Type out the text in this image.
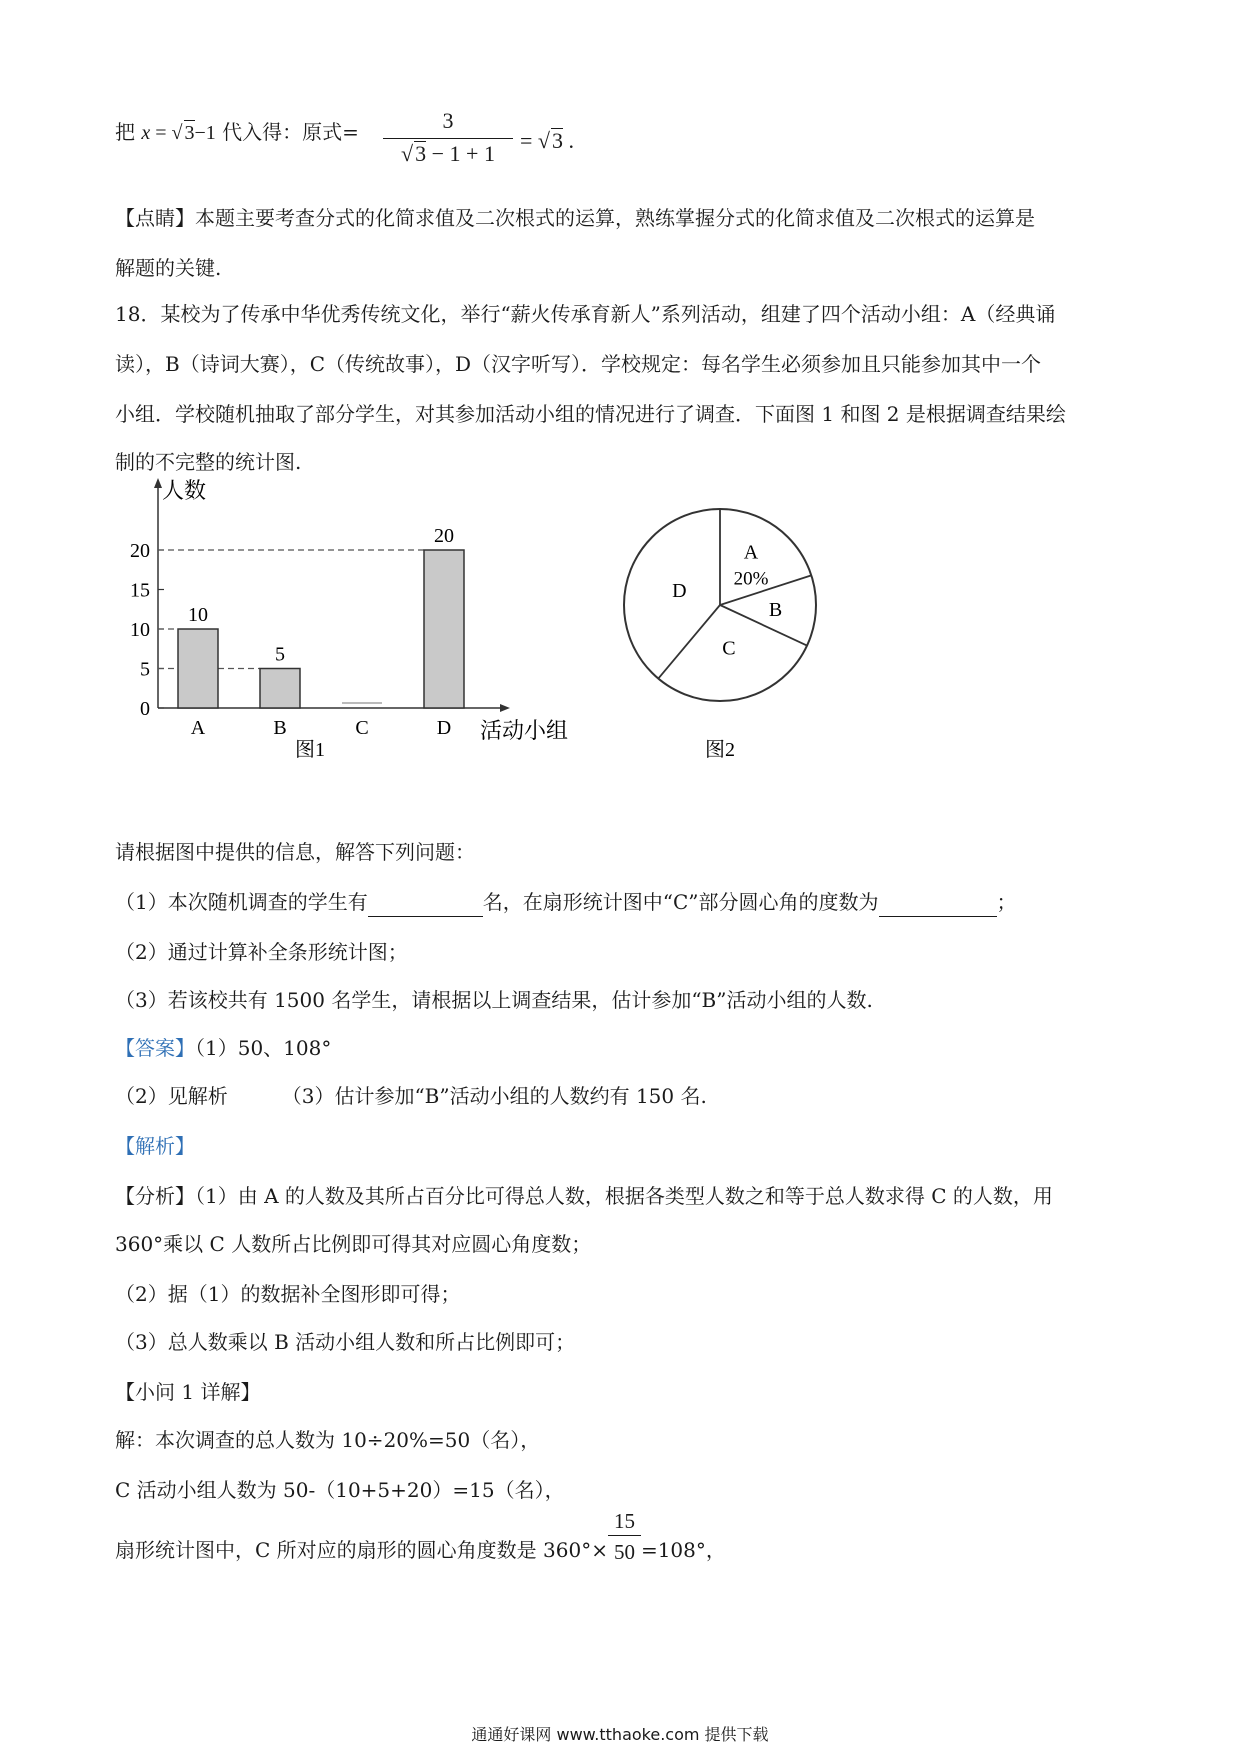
把 x = √ 3−1 代入得：原式=	$\frac{3}{√3 - 1 + 1} = √3$ .
【点睛】本题主要考查分式的化简求值及二次根式的运算，熟练掌握分式的化简求值及二次根式的运算是
解题的关键.
18．某校为了传承中华优秀传统文化，举行“薪火传承育新人”系列活动，组建了四个活动小组：A（经典诵
读），B（诗词大赛），C（传统故事），D（汉字听写）．学校规定：每名学生必须参加且只能参加其中一个
小组．学校随机抽取了部分学生，对其参加活动小组的情况进行了调查．下面图 1 和图 2 是根据调查结果绘
制的不完整的统计图.
人数
活动小组
0
5
10
15
20
10
A
5
B	C
20
D
图1
A
20%
B
C
D
图2
请根据图中提供的信息，解答下列问题：
（1）本次随机调查的学生有	名，在扇形统计图中“C”部分圆心角的度数为	；
（2）通过计算补全条形统计图；
（3）若该校共有 1500 名学生，请根据以上调查结果，估计参加“B”活动小组的人数.
【答案】（1）50、108°
（2）见解析	（3）估计参加“B”活动小组的人数约有 150 名.
【解析】
【分析】（1）由 A 的人数及其所占百分比可得总人数，根据各类型人数之和等于总人数求得 C 的人数，用
360°乘以 C 人数所占比例即可得其对应圆心角度数；
（2）据（1）的数据补全图形即可得；
（3）总人数乘以 B 活动小组人数和所占比例即可；
【小问 1 详解】
解：本次调查的总人数为 10÷20%=50（名），
C 活动小组人数为 50-（10+5+20）=15（名），
扇形统计图中，C 所对应的扇形的圆心角度数是 $360^\circ\times \frac{15}{50} =108^\circ$，
通通好课网 www.tthaoke.com 提供下载
